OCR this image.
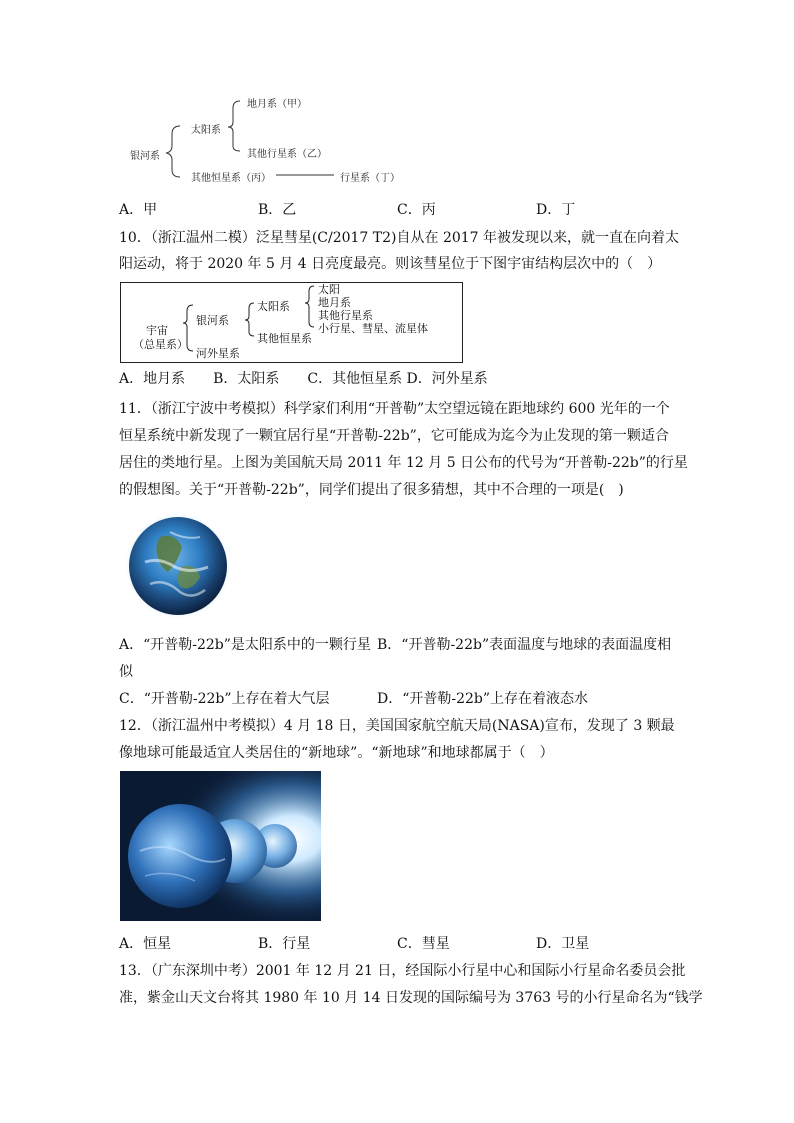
银河系
太阳系
地月系（甲）
其他行星系（乙）
其他恒星系（丙）	行星系（丁）
A．甲	B．乙	C．丙	D．丁
10．（浙江温州二模）泛星彗星(C/2017 T2)自从在 2017 年被发现以来，就一直在向着太
阳运动，将于 2020 年 5 月 4 日亮度最亮。则该彗星位于下图宇宙结构层次中的（　）
宇宙
（总星系）
银河系
太阳系
太阳
地月系
其他行星系
小行星、彗星、流星体
其他恒星系
河外星系
A．地月系　　B．太阳系　　C．其他恒星系 D．河外星系
11．（浙江宁波中考模拟）科学家们利用“开普勒”太空望远镜在距地球约 600 光年的一个
恒星系统中新发现了一颗宜居行星“开普勒-22b”，它可能成为迄今为止发现的第一颗适合
居住的类地行星。上图为美国航天局 2011 年 12 月 5 日公布的代号为“开普勒-22b”的行星
的假想图。关于“开普勒-22b”，同学们提出了很多猜想，其中不合理的一项是(　)
A．“开普勒-22b”是太阳系中的一颗行星 B．“开普勒-22b”表面温度与地球的表面温度相
似
C．“开普勒-22b”上存在着大气层	D．“开普勒-22b”上存在着液态水
12．（浙江温州中考模拟）4 月 18 日，美国国家航空航天局(NASA)宣布，发现了 3 颗最
像地球可能最适宜人类居住的“新地球”。“新地球”和地球都属于（　）
A．恒星	B．行星	C．彗星	D．卫星
13．（广东深圳中考）2001 年 12 月 21 日，经国际小行星中心和国际小行星命名委员会批
准，紫金山天文台将其 1980 年 10 月 14 日发现的国际编号为 3763 号的小行星命名为“钱学
